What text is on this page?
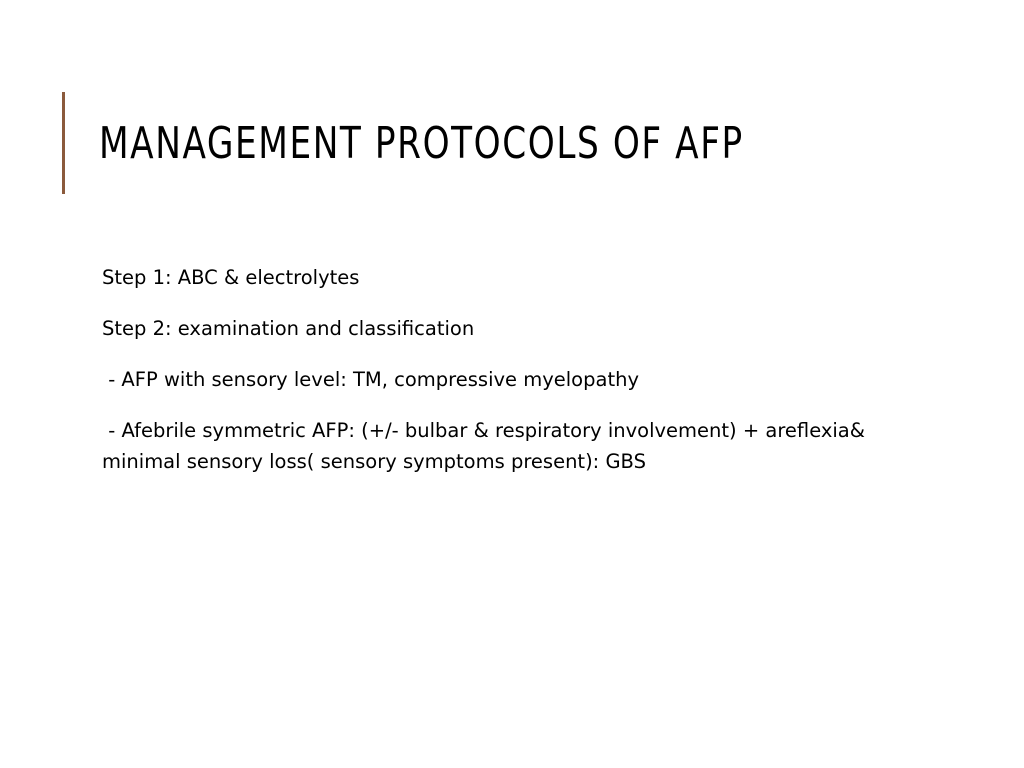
MANAGEMENT PROTOCOLS OF AFP

Step 1: ABC & electrolytes

Step 2: examination and classification

- AFP with sensory level: TM, compressive myelopathy

- Afebrile symmetric AFP: (+/- bulbar & respiratory involvement) + areflexia& minimal sensory loss( sensory symptoms present): GBS
